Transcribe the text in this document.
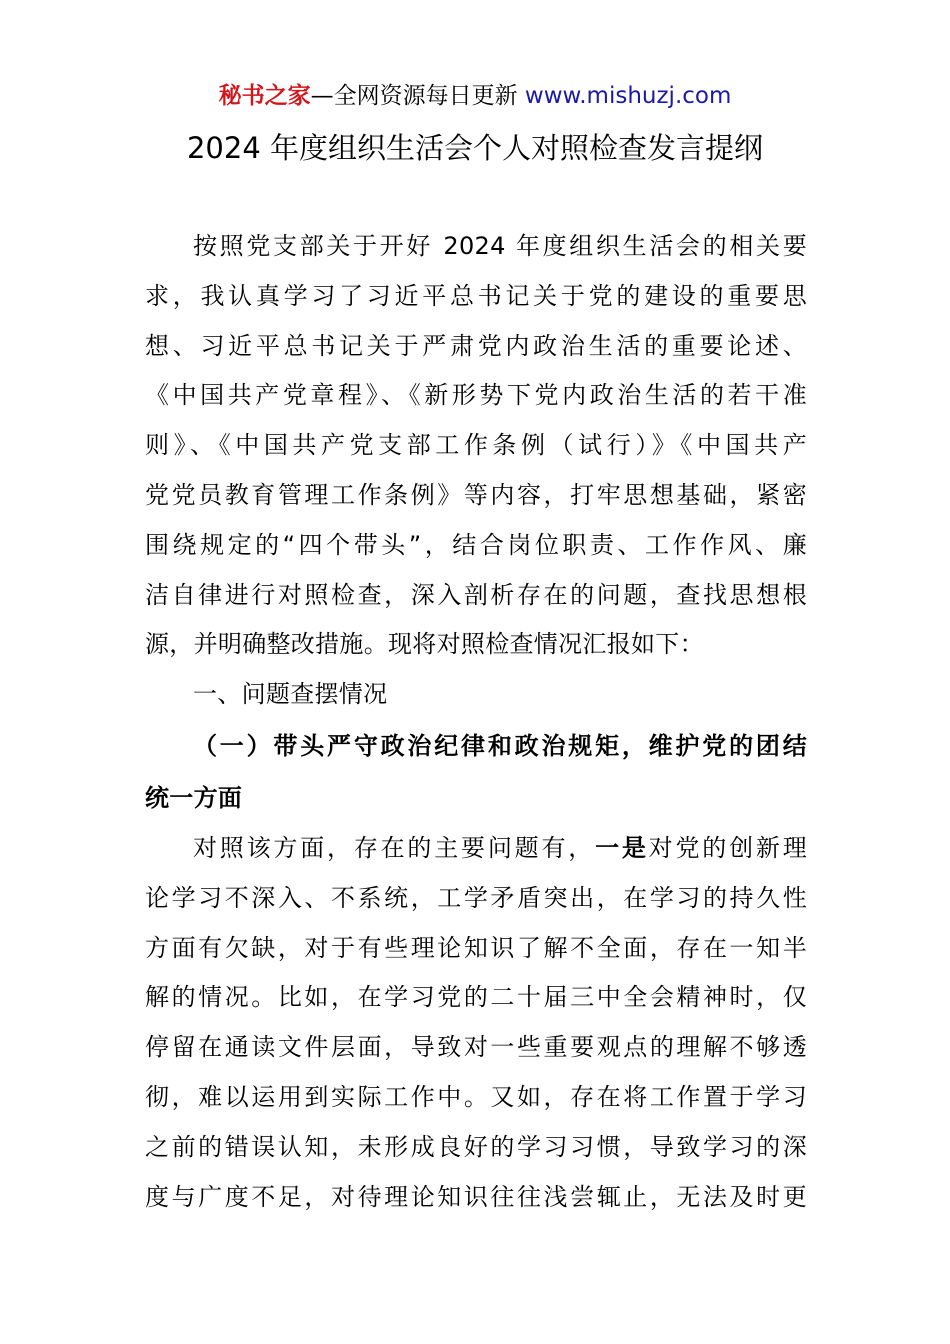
秘书之家—全网资源每日更新 www.mishuzj.com
2024 年度组织生活会个人对照检查发言提纲
按照党支部关于开好 2024 年度组织生活会的相关要
求，我认真学习了习近平总书记关于党的建设的重要思
想、习近平总书记关于严肃党内政治生活的重要论述、
《中国共产党章程》、《新形势下党内政治生活的若干准
则》、《中国共产党支部工作条例（试行）》《中国共产
党党员教育管理工作条例》等内容，打牢思想基础，紧密
围绕规定的“四个带头”，结合岗位职责、工作作风、廉
洁自律进行对照检查，深入剖析存在的问题，查找思想根
源，并明确整改措施。现将对照检查情况汇报如下：
一、问题查摆情况
（一）带头严守政治纪律和政治规矩，维护党的团结
统一方面
对照该方面，存在的主要问题有，一是对党的创新理
论学习不深入、不系统，工学矛盾突出，在学习的持久性
方面有欠缺，对于有些理论知识了解不全面，存在一知半
解的情况。比如，在学习党的二十届三中全会精神时，仅
停留在通读文件层面，导致对一些重要观点的理解不够透
彻，难以运用到实际工作中。又如，存在将工作置于学习
之前的错误认知，未形成良好的学习习惯，导致学习的深
度与广度不足，对待理论知识往往浅尝辄止，无法及时更
